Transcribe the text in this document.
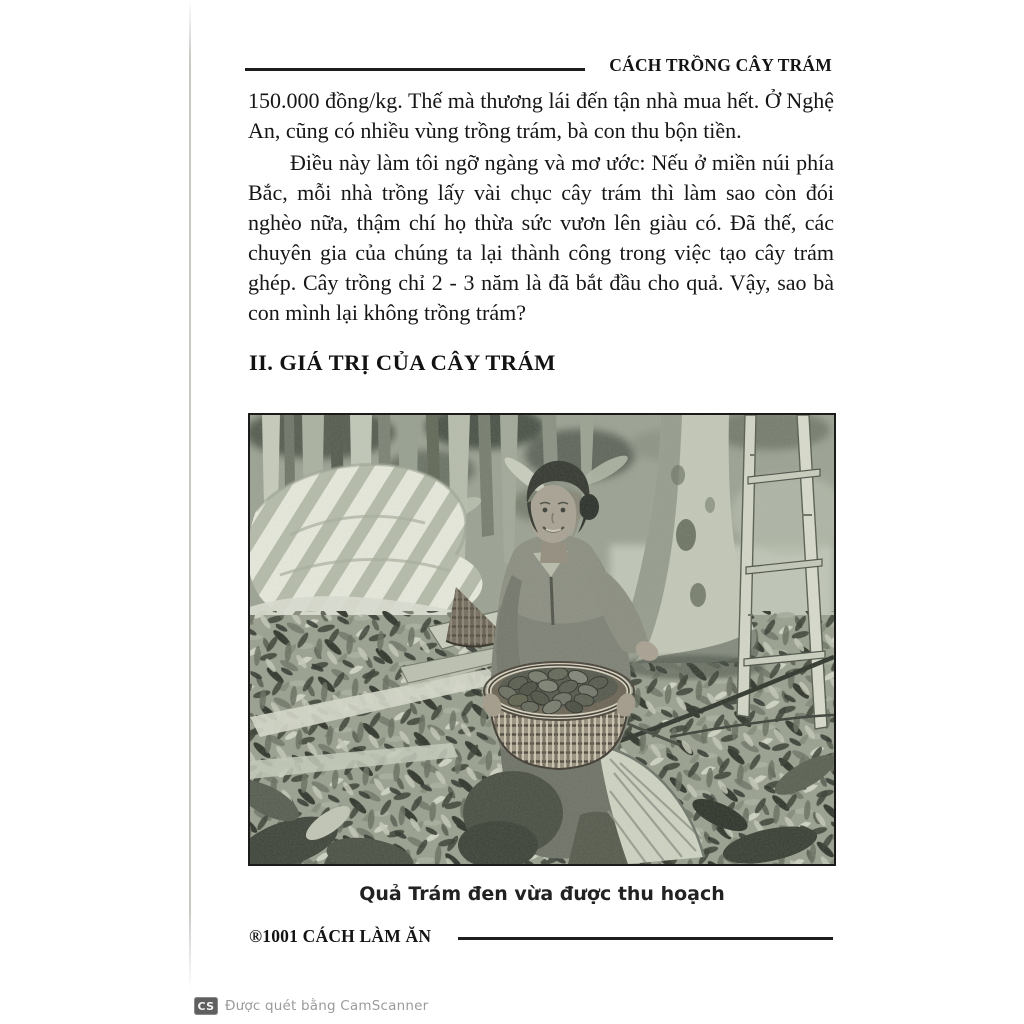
CÁCH TRỒNG CÂY TRÁM

150.000 đồng/kg. Thế mà thương lái đến tận nhà mua hết. Ở Nghệ An, cũng có nhiều vùng trồng trám, bà con thu bộn tiền.

Điều này làm tôi ngỡ ngàng và mơ ước: Nếu ở miền núi phía Bắc, mỗi nhà trồng lấy vài chục cây trám thì làm sao còn đói nghèo nữa, thậm chí họ thừa sức vươn lên giàu có. Đã thế, các chuyên gia của chúng ta lại thành công trong việc tạo cây trám ghép. Cây trồng chỉ 2 - 3 năm là đã bắt đầu cho quả. Vậy, sao bà con mình lại không trồng trám?

II. GIÁ TRỊ CỦA CÂY TRÁM
Quả Trám đen vừa được thu hoạch
®1001 CÁCH LÀM ĂN
CS Được quét bằng CamScanner
